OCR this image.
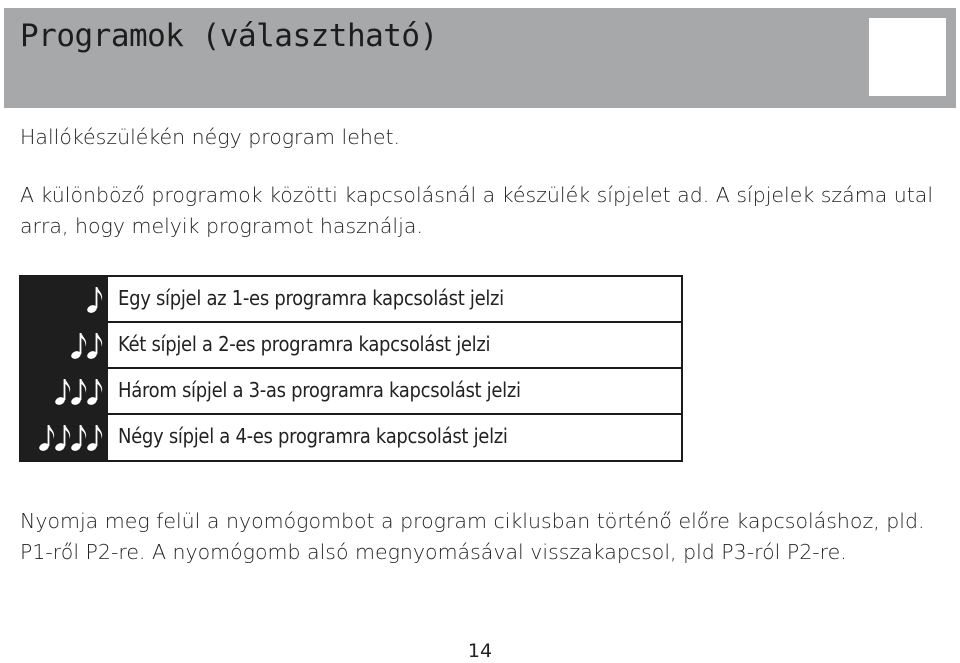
Programok (választható)
Hallókészülékén négy program lehet.
A különböző programok közötti kapcsolásnál a készülék sípjelet ad. A sípjelek száma utal
arra, hogy melyik programot használja.
Egy sípjel az 1-es programra kapcsolást jelzi
Két sípjel a 2-es programra kapcsolást jelzi
Három sípjel a 3-as programra kapcsolást jelzi
Négy sípjel a 4-es programra kapcsolást jelzi
Nyomja meg felül a nyomógombot a program ciklusban történő előre kapcsoláshoz, pld.
P1-ről P2-re. A nyomógomb alsó megnyomásával visszakapcsol, pld P3-ról P2-re.
14
